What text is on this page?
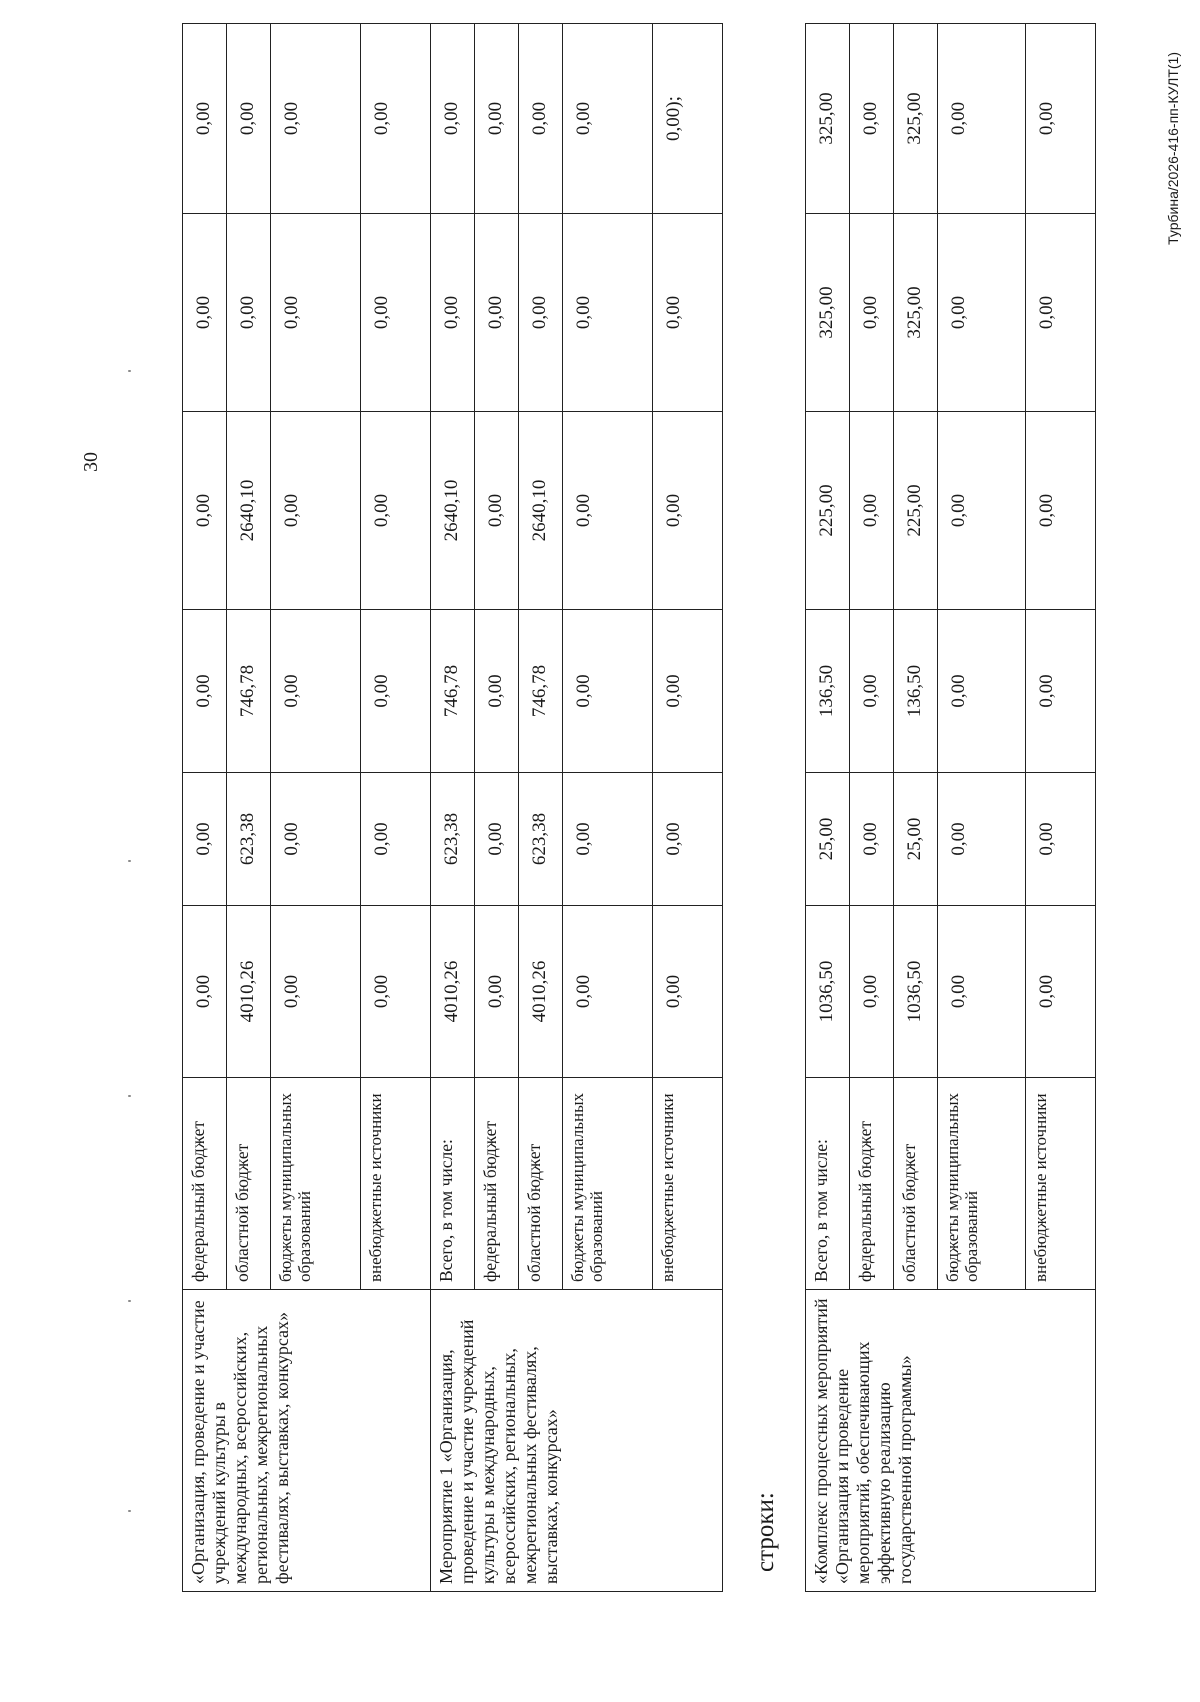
30
«Организация, проведение и участие учреждений культуры в международных, всероссийских, региональных, межрегиональных фестивалях, выставках, конкурсах»	федеральный бюджет	0,00	0,00	0,00	0,00	0,00	0,00
	областной бюджет	4010,26	623,38	746,78	2640,10	0,00	0,00
	бюджеты муниципальных образований	0,00	0,00	0,00	0,00	0,00	0,00
	внебюджетные источники	0,00	0,00	0,00	0,00	0,00	0,00
Мероприятие 1 «Организация, проведение и участие учреждений культуры в международных, всероссийских, региональных, межрегиональных фестивалях, выставках, конкурсах»	Всего, в том числе:	4010,26	623,38	746,78	2640,10	0,00	0,00
	федеральный бюджет	0,00	0,00	0,00	0,00	0,00	0,00
	областной бюджет	4010,26	623,38	746,78	2640,10	0,00	0,00
	бюджеты муниципальных образований	0,00	0,00	0,00	0,00	0,00	0,00
	внебюджетные источники	0,00	0,00	0,00	0,00	0,00	0,00);
строки: «Комплекс процессных мероприятий «Организация и проведение мероприятий, обеспечивающих эффективную реализацию государственной программы»	Всего, в том числе:	1036,50	25,00	136,50	225,00	325,00	325,00
	федеральный бюджет	0,00	0,00	0,00	0,00	0,00	0,00
	областной бюджет	1036,50	25,00	136,50	225,00	325,00	325,00
	бюджеты муниципальных образований	0,00	0,00	0,00	0,00	0,00	0,00
	внебюджетные источники	0,00	0,00	0,00	0,00	0,00	0,00	Турбина/2026-416-пп-КУЛТ(1)
